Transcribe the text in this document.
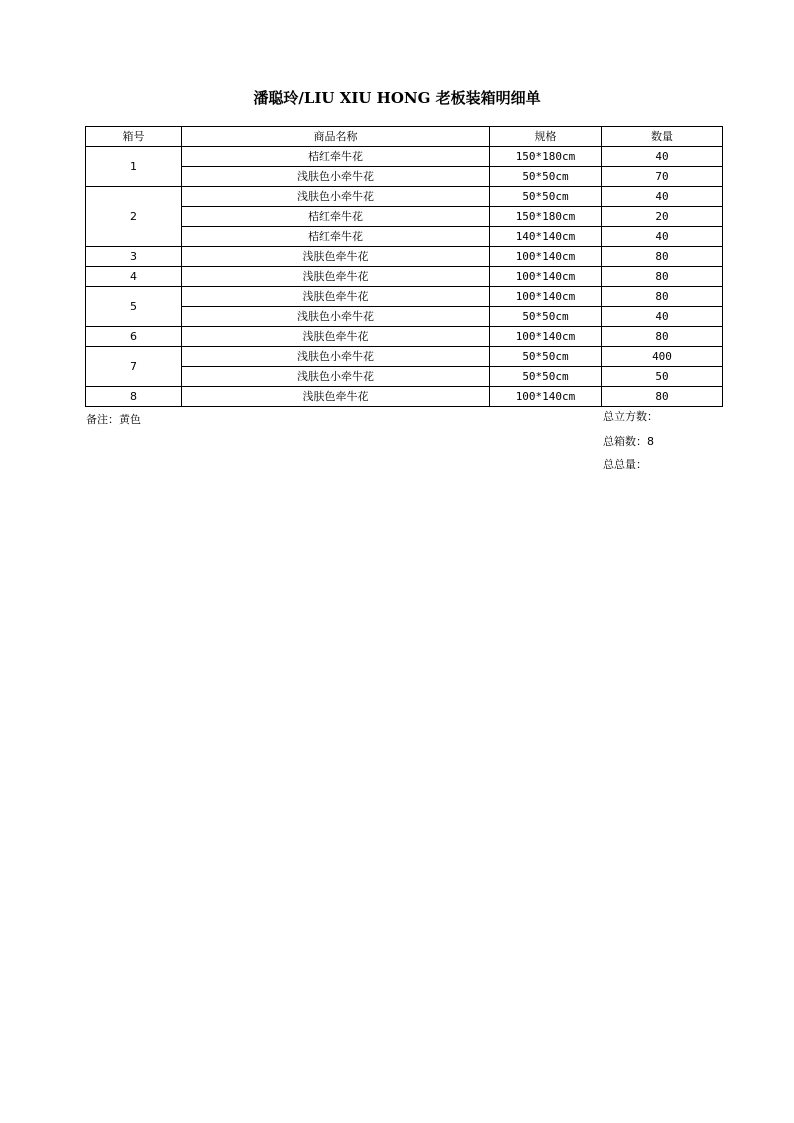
潘聪玲/LIU XIU HONG 老板装箱明细单
箱号	商品名称	规格	数量
1	桔红牵牛花	150*180cm	40
	浅肤色小牵牛花	50*50cm	70
2	浅肤色小牵牛花	50*50cm	40
	桔红牵牛花	150*180cm	20
	桔红牵牛花	140*140cm	40
3	浅肤色牵牛花	100*140cm	80
4	浅肤色牵牛花	100*140cm	80
5	浅肤色牵牛花	100*140cm	80
	浅肤色小牵牛花	50*50cm	40
6	浅肤色牵牛花	100*140cm	80
7	浅肤色小牵牛花	50*50cm	400
	浅肤色小牵牛花	50*50cm	50
8	浅肤色牵牛花	100*140cm	80
备注：黄色	总立方数：
总箱数：8
总总量：
